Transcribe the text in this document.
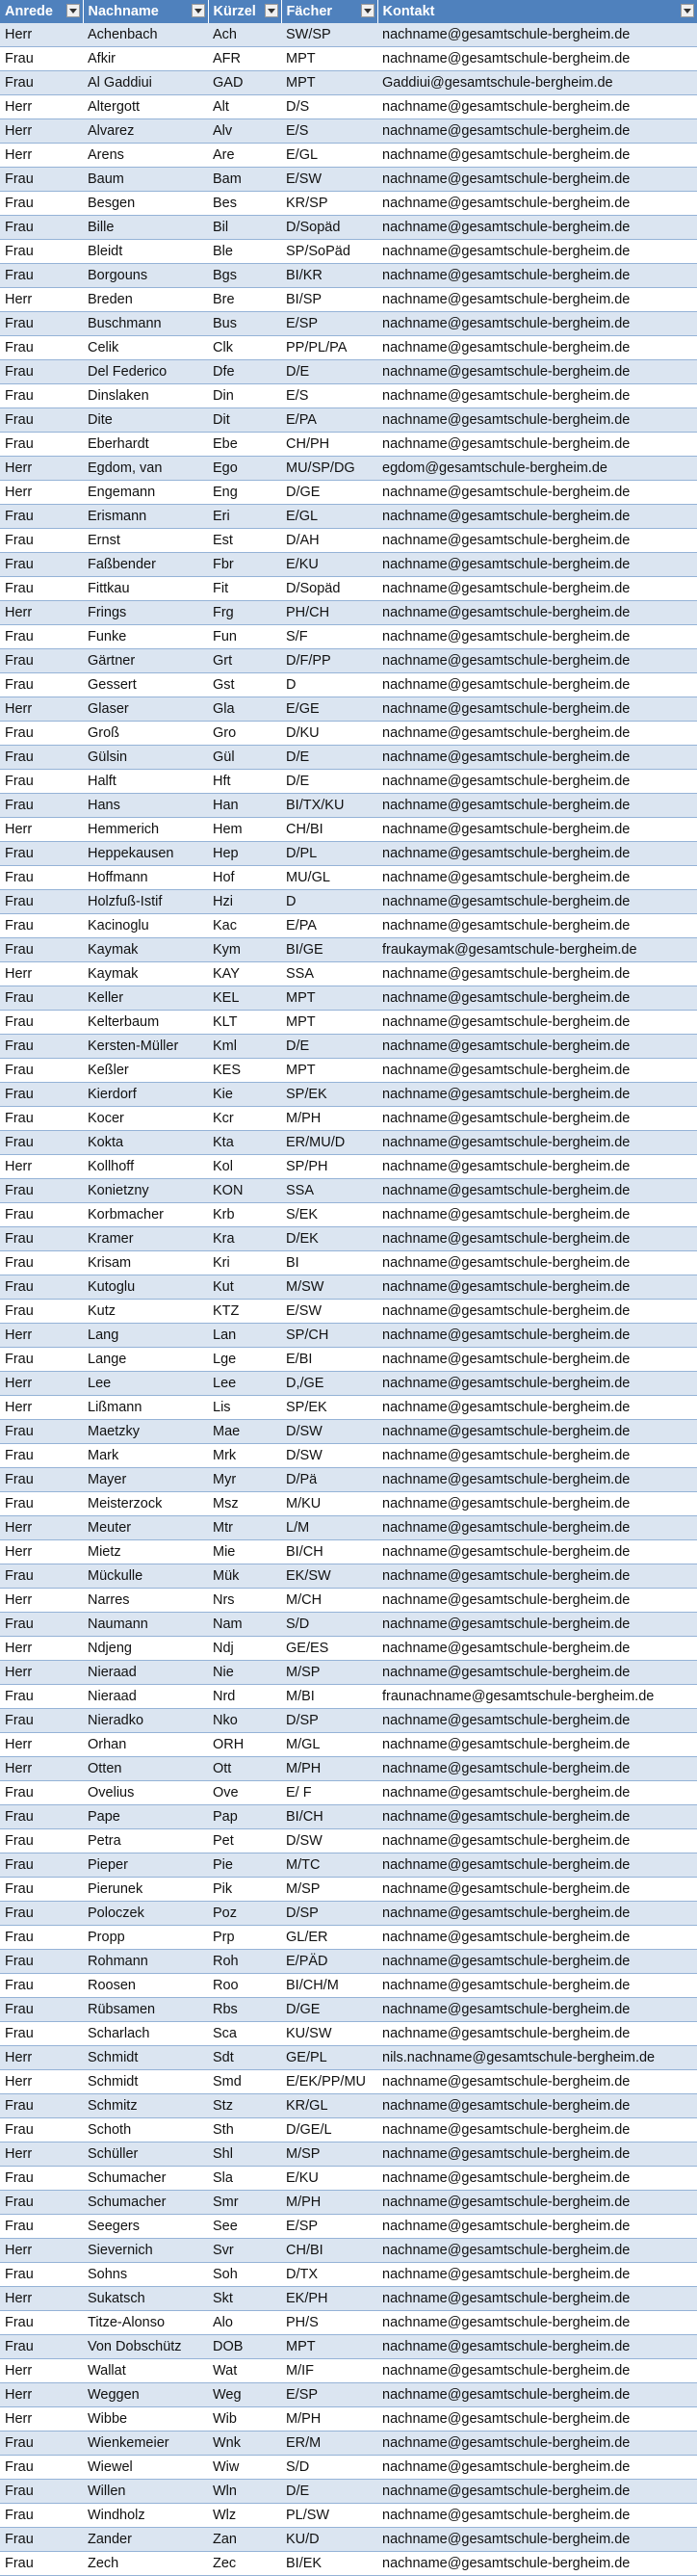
Anrede	Nachname	Kürzel	Fächer	Kontakt

Herr	Achenbach	Ach	SW/SP	nachname@gesamtschule-bergheim.de
Frau	Afkir	AFR	MPT	nachname@gesamtschule-bergheim.de
Frau	Al Gaddiui	GAD	MPT	Gaddiui@gesamtschule-bergheim.de
Herr	Altergott	Alt	D/S	nachname@gesamtschule-bergheim.de
Herr	Alvarez	Alv	E/S	nachname@gesamtschule-bergheim.de
Herr	Arens	Are	E/GL	nachname@gesamtschule-bergheim.de
Frau	Baum	Bam	E/SW	nachname@gesamtschule-bergheim.de
Frau	Besgen	Bes	KR/SP	nachname@gesamtschule-bergheim.de
Frau	Bille	Bil	D/Sopäd	nachname@gesamtschule-bergheim.de
Frau	Bleidt	Ble	SP/SoPäd	nachname@gesamtschule-bergheim.de
Frau	Borgouns	Bgs	BI/KR	nachname@gesamtschule-bergheim.de
Herr	Breden	Bre	BI/SP	nachname@gesamtschule-bergheim.de
Frau	Buschmann	Bus	E/SP	nachname@gesamtschule-bergheim.de
Frau	Celik	Clk	PP/PL/PA	nachname@gesamtschule-bergheim.de
Frau	Del Federico	Dfe	D/E	nachname@gesamtschule-bergheim.de
Frau	Dinslaken	Din	E/S	nachname@gesamtschule-bergheim.de
Frau	Dite	Dit	E/PA	nachname@gesamtschule-bergheim.de
Frau	Eberhardt	Ebe	CH/PH	nachname@gesamtschule-bergheim.de
Herr	Egdom, van	Ego	MU/SP/DG	egdom@gesamtschule-bergheim.de
Herr	Engemann	Eng	D/GE	nachname@gesamtschule-bergheim.de
Frau	Erismann	Eri	E/GL	nachname@gesamtschule-bergheim.de
Frau	Ernst	Est	D/AH	nachname@gesamtschule-bergheim.de
Frau	Faßbender	Fbr	E/KU	nachname@gesamtschule-bergheim.de
Frau	Fittkau	Fit	D/Sopäd	nachname@gesamtschule-bergheim.de
Herr	Frings	Frg	PH/CH	nachname@gesamtschule-bergheim.de
Frau	Funke	Fun	S/F	nachname@gesamtschule-bergheim.de
Frau	Gärtner	Grt	D/F/PP	nachname@gesamtschule-bergheim.de
Frau	Gessert	Gst	D	nachname@gesamtschule-bergheim.de
Herr	Glaser	Gla	E/GE	nachname@gesamtschule-bergheim.de
Frau	Groß	Gro	D/KU	nachname@gesamtschule-bergheim.de
Frau	Gülsin	Gül	D/E	nachname@gesamtschule-bergheim.de
Frau	Halft	Hft	D/E	nachname@gesamtschule-bergheim.de
Frau	Hans	Han	BI/TX/KU	nachname@gesamtschule-bergheim.de
Herr	Hemmerich	Hem	CH/BI	nachname@gesamtschule-bergheim.de
Frau	Heppekausen	Hep	D/PL	nachname@gesamtschule-bergheim.de
Frau	Hoffmann	Hof	MU/GL	nachname@gesamtschule-bergheim.de
Frau	Holzfuß-Istif	Hzi	D	nachname@gesamtschule-bergheim.de
Frau	Kacinoglu	Kac	E/PA	nachname@gesamtschule-bergheim.de
Frau	Kaymak	Kym	BI/GE	fraukaymak@gesamtschule-bergheim.de
Herr	Kaymak	KAY	SSA	nachname@gesamtschule-bergheim.de
Frau	Keller	KEL	MPT	nachname@gesamtschule-bergheim.de
Frau	Kelterbaum	KLT	MPT	nachname@gesamtschule-bergheim.de
Frau	Kersten-Müller	Kml	D/E	nachname@gesamtschule-bergheim.de
Frau	Keßler	KES	MPT	nachname@gesamtschule-bergheim.de
Frau	Kierdorf	Kie	SP/EK	nachname@gesamtschule-bergheim.de
Frau	Kocer	Kcr	M/PH	nachname@gesamtschule-bergheim.de
Frau	Kokta	Kta	ER/MU/D	nachname@gesamtschule-bergheim.de
Herr	Kollhoff	Kol	SP/PH	nachname@gesamtschule-bergheim.de
Frau	Konietzny	KON	SSA	nachname@gesamtschule-bergheim.de
Frau	Korbmacher	Krb	S/EK	nachname@gesamtschule-bergheim.de
Frau	Kramer	Kra	D/EK	nachname@gesamtschule-bergheim.de
Frau	Krisam	Kri	BI	nachname@gesamtschule-bergheim.de
Frau	Kutoglu	Kut	M/SW	nachname@gesamtschule-bergheim.de
Frau	Kutz	KTZ	E/SW	nachname@gesamtschule-bergheim.de
Herr	Lang	Lan	SP/CH	nachname@gesamtschule-bergheim.de
Frau	Lange	Lge	E/BI	nachname@gesamtschule-bergheim.de
Herr	Lee	Lee	D,/GE	nachname@gesamtschule-bergheim.de
Herr	Lißmann	Lis	SP/EK	nachname@gesamtschule-bergheim.de
Frau	Maetzky	Mae	D/SW	nachname@gesamtschule-bergheim.de
Frau	Mark	Mrk	D/SW	nachname@gesamtschule-bergheim.de
Frau	Mayer	Myr	D/Pä	nachname@gesamtschule-bergheim.de
Frau	Meisterzock	Msz	M/KU	nachname@gesamtschule-bergheim.de
Herr	Meuter	Mtr	L/M	nachname@gesamtschule-bergheim.de
Herr	Mietz	Mie	BI/CH	nachname@gesamtschule-bergheim.de
Frau	Mückulle	Mük	EK/SW	nachname@gesamtschule-bergheim.de
Herr	Narres	Nrs	M/CH	nachname@gesamtschule-bergheim.de
Frau	Naumann	Nam	S/D	nachname@gesamtschule-bergheim.de
Herr	Ndjeng	Ndj	GE/ES	nachname@gesamtschule-bergheim.de
Herr	Nieraad	Nie	M/SP	nachname@gesamtschule-bergheim.de
Frau	Nieraad	Nrd	M/BI	fraunachname@gesamtschule-bergheim.de
Frau	Nieradko	Nko	D/SP	nachname@gesamtschule-bergheim.de
Herr	Orhan	ORH	M/GL	nachname@gesamtschule-bergheim.de
Herr	Otten	Ott	M/PH	nachname@gesamtschule-bergheim.de
Frau	Ovelius	Ove	E/ F	nachname@gesamtschule-bergheim.de
Frau	Pape	Pap	BI/CH	nachname@gesamtschule-bergheim.de
Frau	Petra	Pet	D/SW	nachname@gesamtschule-bergheim.de
Frau	Pieper	Pie	M/TC	nachname@gesamtschule-bergheim.de
Frau	Pierunek	Pik	M/SP	nachname@gesamtschule-bergheim.de
Frau	Poloczek	Poz	D/SP	nachname@gesamtschule-bergheim.de
Frau	Propp	Prp	GL/ER	nachname@gesamtschule-bergheim.de
Frau	Rohmann	Roh	E/PÄD	nachname@gesamtschule-bergheim.de
Frau	Roosen	Roo	BI/CH/M	nachname@gesamtschule-bergheim.de
Frau	Rübsamen	Rbs	D/GE	nachname@gesamtschule-bergheim.de
Frau	Scharlach	Sca	KU/SW	nachname@gesamtschule-bergheim.de
Herr	Schmidt	Sdt	GE/PL	nils.nachname@gesamtschule-bergheim.de
Herr	Schmidt	Smd	E/EK/PP/MU	nachname@gesamtschule-bergheim.de
Frau	Schmitz	Stz	KR/GL	nachname@gesamtschule-bergheim.de
Frau	Schoth	Sth	D/GE/L	nachname@gesamtschule-bergheim.de
Herr	Schüller	Shl	M/SP	nachname@gesamtschule-bergheim.de
Frau	Schumacher	Sla	E/KU	nachname@gesamtschule-bergheim.de
Frau	Schumacher	Smr	M/PH	nachname@gesamtschule-bergheim.de
Frau	Seegers	See	E/SP	nachname@gesamtschule-bergheim.de
Herr	Sievernich	Svr	CH/BI	nachname@gesamtschule-bergheim.de
Frau	Sohns	Soh	D/TX	nachname@gesamtschule-bergheim.de
Herr	Sukatsch	Skt	EK/PH	nachname@gesamtschule-bergheim.de
Frau	Titze-Alonso	Alo	PH/S	nachname@gesamtschule-bergheim.de
Frau	Von Dobschütz	DOB	MPT	nachname@gesamtschule-bergheim.de
Herr	Wallat	Wat	M/IF	nachname@gesamtschule-bergheim.de
Herr	Weggen	Weg	E/SP	nachname@gesamtschule-bergheim.de
Herr	Wibbe	Wib	M/PH	nachname@gesamtschule-bergheim.de
Frau	Wienkemeier	Wnk	ER/M	nachname@gesamtschule-bergheim.de
Frau	Wiewel	Wiw	S/D	nachname@gesamtschule-bergheim.de
Frau	Willen	Wln	D/E	nachname@gesamtschule-bergheim.de
Frau	Windholz	Wlz	PL/SW	nachname@gesamtschule-bergheim.de
Frau	Zander	Zan	KU/D	nachname@gesamtschule-bergheim.de
Frau	Zech	Zec	BI/EK	nachname@gesamtschule-bergheim.de
